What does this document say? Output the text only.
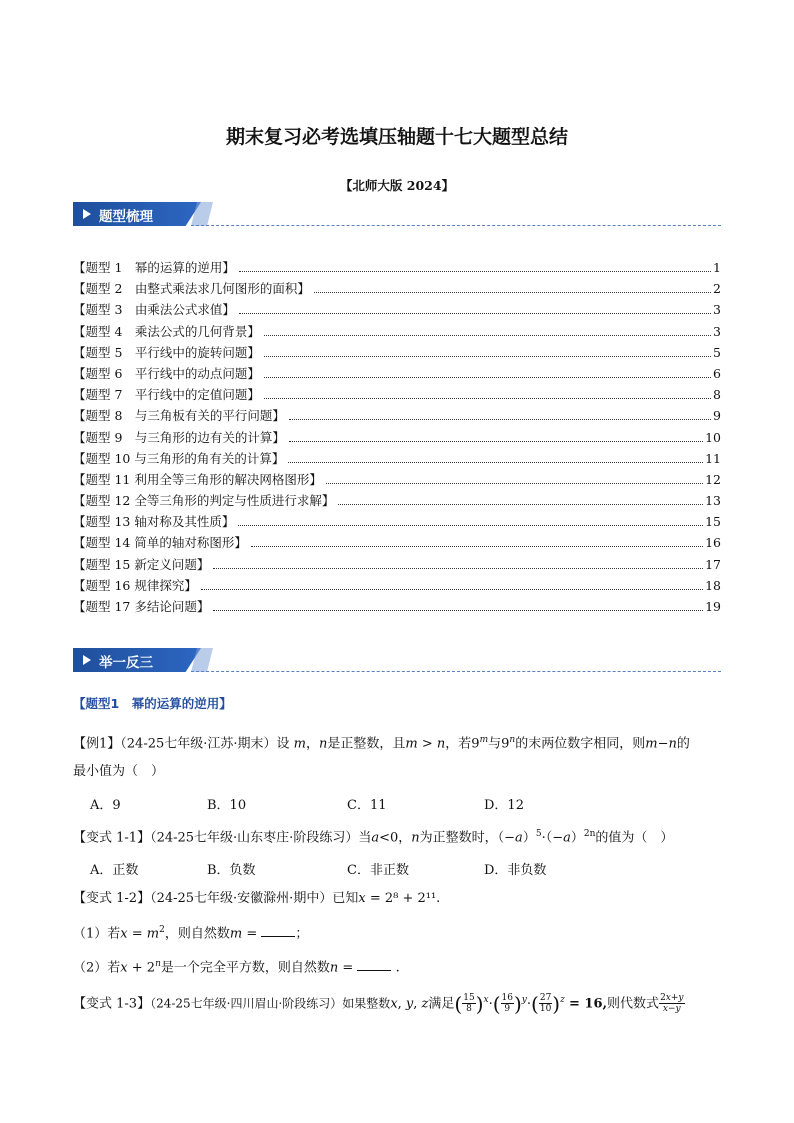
期末复习必考选填压轴题十七大题型总结
【北师大版 2024】
题型梳理
【题型 1　幂的运算的逆用】	1
【题型 2　由整式乘法求几何图形的面积】	2
【题型 3　由乘法公式求值】	3
【题型 4　乘法公式的几何背景】	3
【题型 5　平行线中的旋转问题】	5
【题型 6　平行线中的动点问题】	6
【题型 7　平行线中的定值问题】	8
【题型 8　与三角板有关的平行问题】	9
【题型 9　与三角形的边有关的计算】	10
【题型 10 与三角形的角有关的计算】	11
【题型 11 利用全等三角形的解决网格图形】	12
【题型 12 全等三角形的判定与性质进行求解】	13
【题型 13 轴对称及其性质】	15
【题型 14 简单的轴对称图形】	16
【题型 15 新定义问题】	17
【题型 16 规律探究】	18
【题型 17 多结论问题】	19
举一反三
【题型1　幂的运算的逆用】
【例1】（24-25七年级·江苏·期末）设 m，n是正整数，且m > n，若9$^m$与9$^n$的末两位数字相同，则m−n的
最小值为（　）
A．9	B．10	C．11	D．12
【变式 1-1】（24-25七年级·山东枣庄·阶段练习）当a<0，n为正整数时，$(-a)^5\cdot(-a)^{2n}$的值为（　）
A．正数	B．负数	C．非正数	D．非负数
【变式 1-2】（24-25七年级·安徽滁州·期中）已知x = 2⁸ + 2¹¹.
（1）若$x = m^2$，则自然数m =	；
（2）若$x + 2^n$是一个完全平方数，则自然数n =	.
【变式 1-3】（24-25七年级·四川眉山·阶段练习）如果整数x, y, z满足( $\frac{15}{8} )^x\cdot( \frac{16}{9} )^y\cdot( \frac{27}{10} )^z = 16$,则代数式 $\frac{2x+y}{x-y}$
